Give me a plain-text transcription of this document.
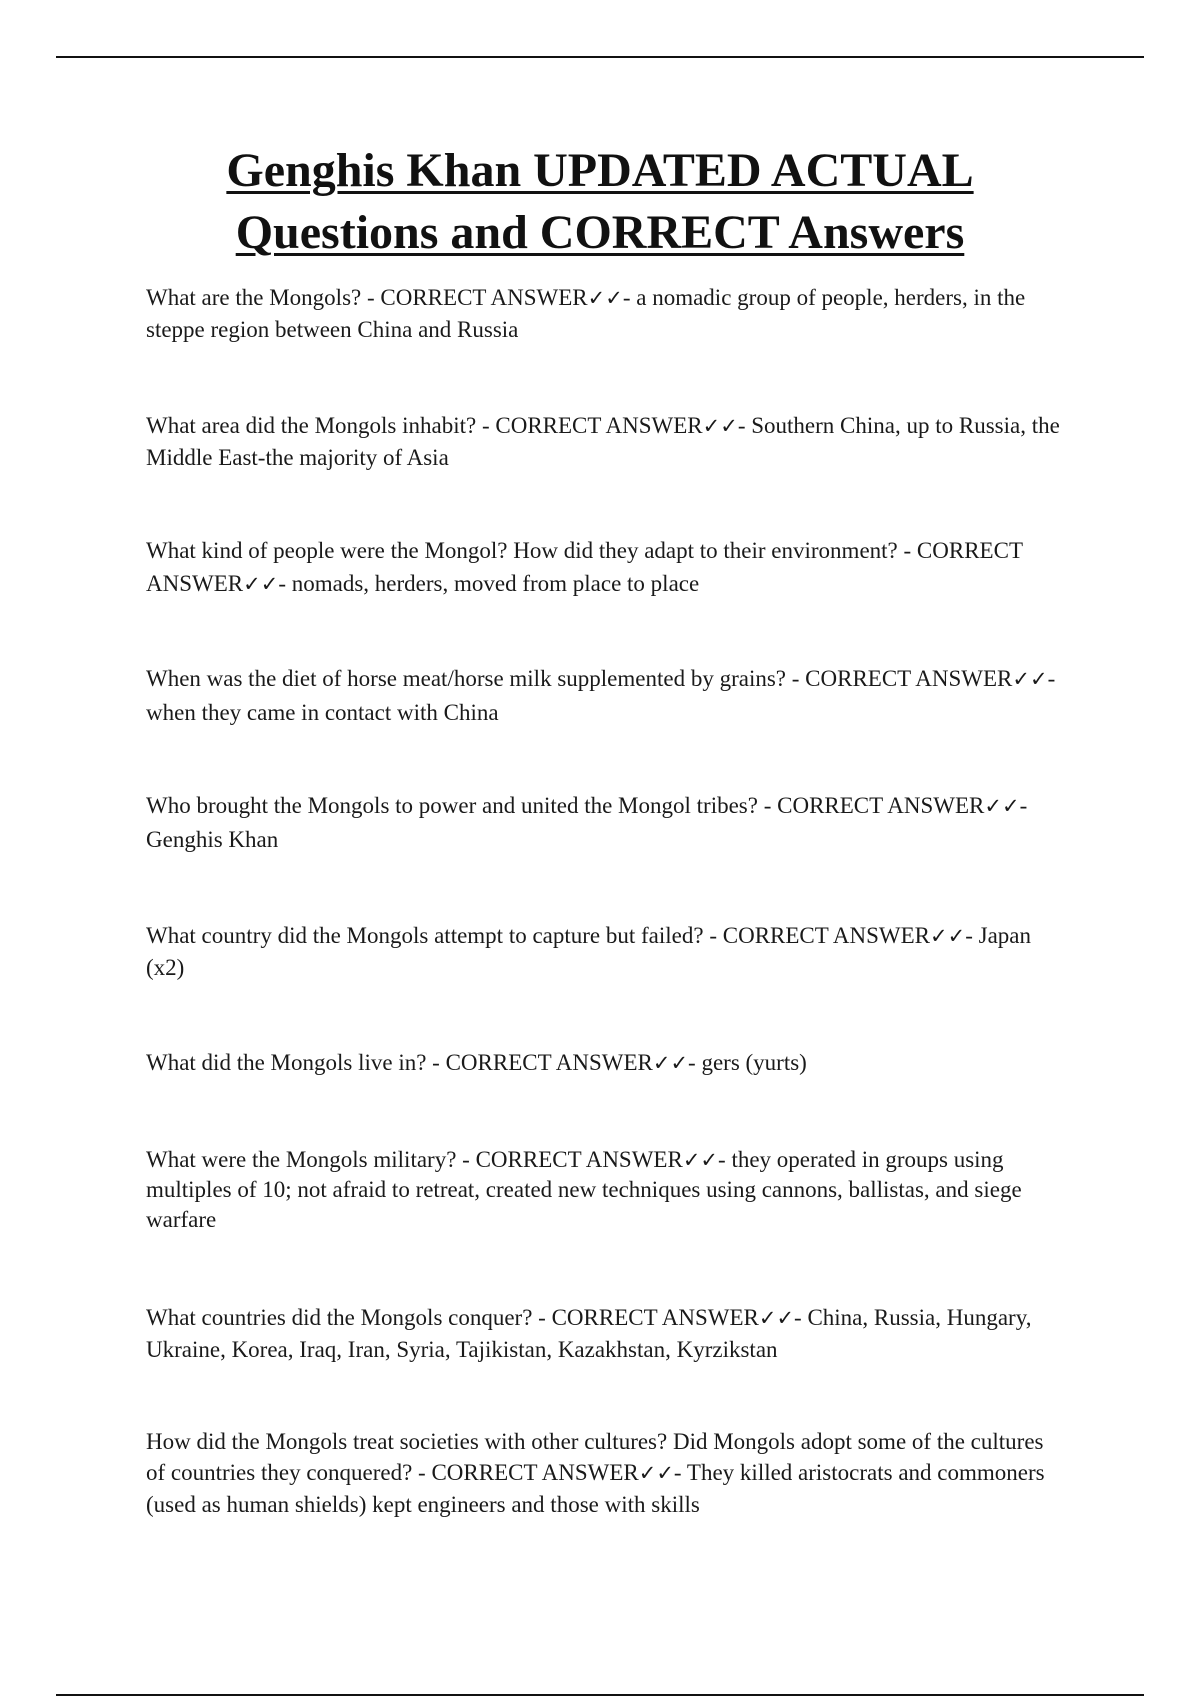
Genghis Khan UPDATED ACTUAL
Questions and CORRECT Answers

What are the Mongols? - CORRECT ANSWER✓✓- a nomadic group of people, herders, in the steppe region between China and Russia

What area did the Mongols inhabit? - CORRECT ANSWER✓✓- Southern China, up to Russia, the Middle East-the majority of Asia

What kind of people were the Mongol? How did they adapt to their environment? - CORRECT ANSWER✓✓- nomads, herders, moved from place to place

When was the diet of horse meat/horse milk supplemented by grains? - CORRECT ANSWER✓✓- when they came in contact with China

Who brought the Mongols to power and united the Mongol tribes? - CORRECT ANSWER✓✓- Genghis Khan

What country did the Mongols attempt to capture but failed? - CORRECT ANSWER✓✓- Japan (x2)

What did the Mongols live in? - CORRECT ANSWER✓✓- gers (yurts)

What were the Mongols military? - CORRECT ANSWER✓✓- they operated in groups using multiples of 10; not afraid to retreat, created new techniques using cannons, ballistas, and siege warfare

What countries did the Mongols conquer? - CORRECT ANSWER✓✓- China, Russia, Hungary, Ukraine, Korea, Iraq, Iran, Syria, Tajikistan, Kazakhstan, Kyrzikstan

How did the Mongols treat societies with other cultures? Did Mongols adopt some of the cultures of countries they conquered? - CORRECT ANSWER✓✓- They killed aristocrats and commoners (used as human shields) kept engineers and those with skills
